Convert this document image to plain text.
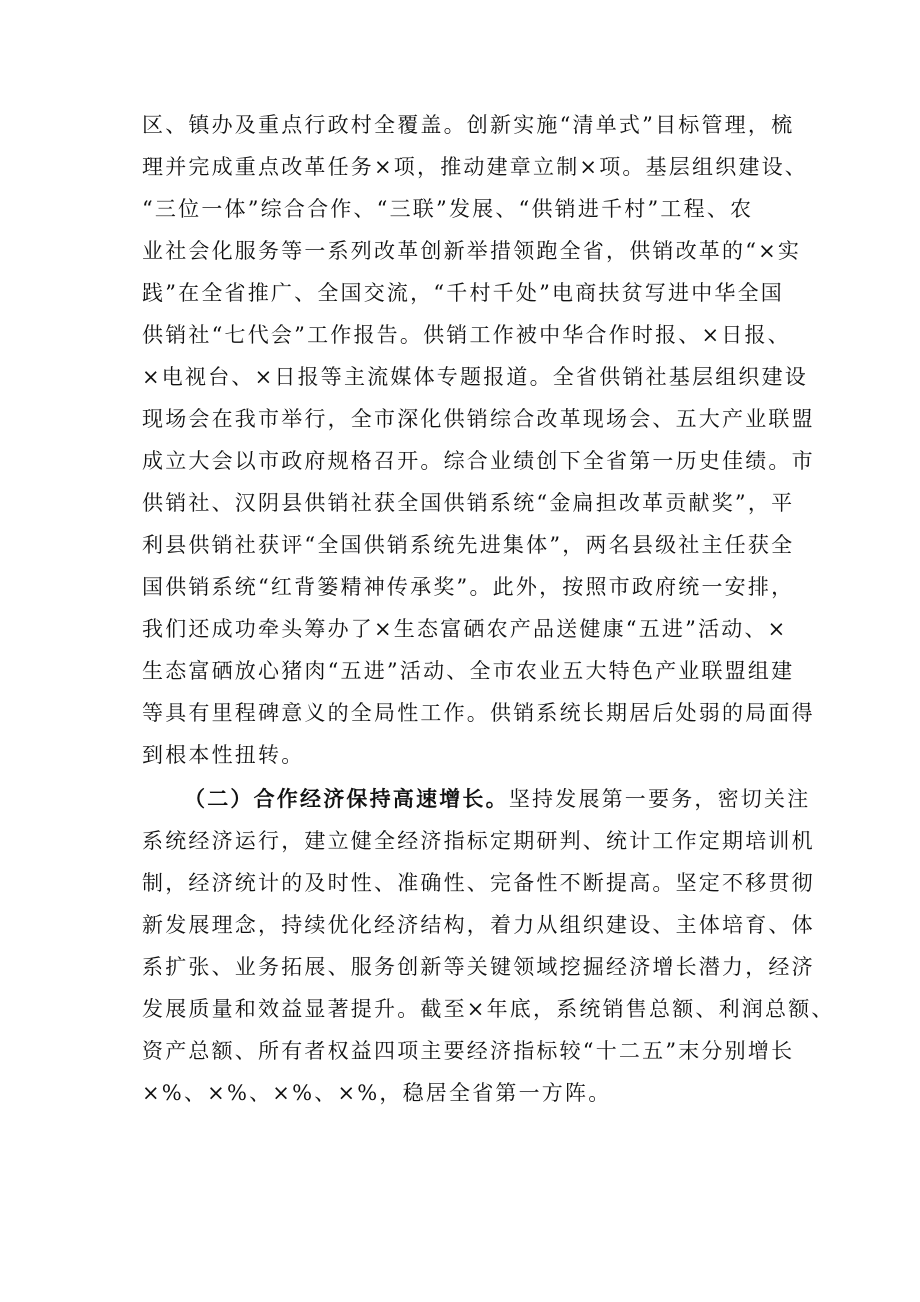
区、镇办及重点行政村全覆盖。创新实施“清单式”目标管理，梳
理并完成重点改革任务×项，推动建章立制×项。基层组织建设、
“三位一体”综合合作、“三联”发展、“供销进千村”工程、农
业社会化服务等一系列改革创新举措领跑全省，供销改革的“×实
践”在全省推广、全国交流，“千村千处”电商扶贫写进中华全国
供销社“七代会”工作报告。供销工作被中华合作时报、×日报、
×电视台、×日报等主流媒体专题报道。全省供销社基层组织建设
现场会在我市举行，全市深化供销综合改革现场会、五大产业联盟
成立大会以市政府规格召开。综合业绩创下全省第一历史佳绩。市
供销社、汉阴县供销社获全国供销系统“金扁担改革贡献奖”，平
利县供销社获评“全国供销系统先进集体”，两名县级社主任获全
国供销系统“红背篓精神传承奖”。此外，按照市政府统一安排，
我们还成功牵头筹办了×生态富硒农产品送健康“五进”活动、×
生态富硒放心猪肉“五进”活动、全市农业五大特色产业联盟组建
等具有里程碑意义的全局性工作。供销系统长期居后处弱的局面得
到根本性扭转。
（二）合作经济保持高速增长。坚持发展第一要务，密切关注
系统经济运行，建立健全经济指标定期研判、统计工作定期培训机
制，经济统计的及时性、准确性、完备性不断提高。坚定不移贯彻
新发展理念，持续优化经济结构，着力从组织建设、主体培育、体
系扩张、业务拓展、服务创新等关键领域挖掘经济增长潜力，经济
发展质量和效益显著提升。截至×年底，系统销售总额、利润总额、
资产总额、所有者权益四项主要经济指标较“十二五”末分别增长
×%、×%、×%、×%，稳居全省第一方阵。
